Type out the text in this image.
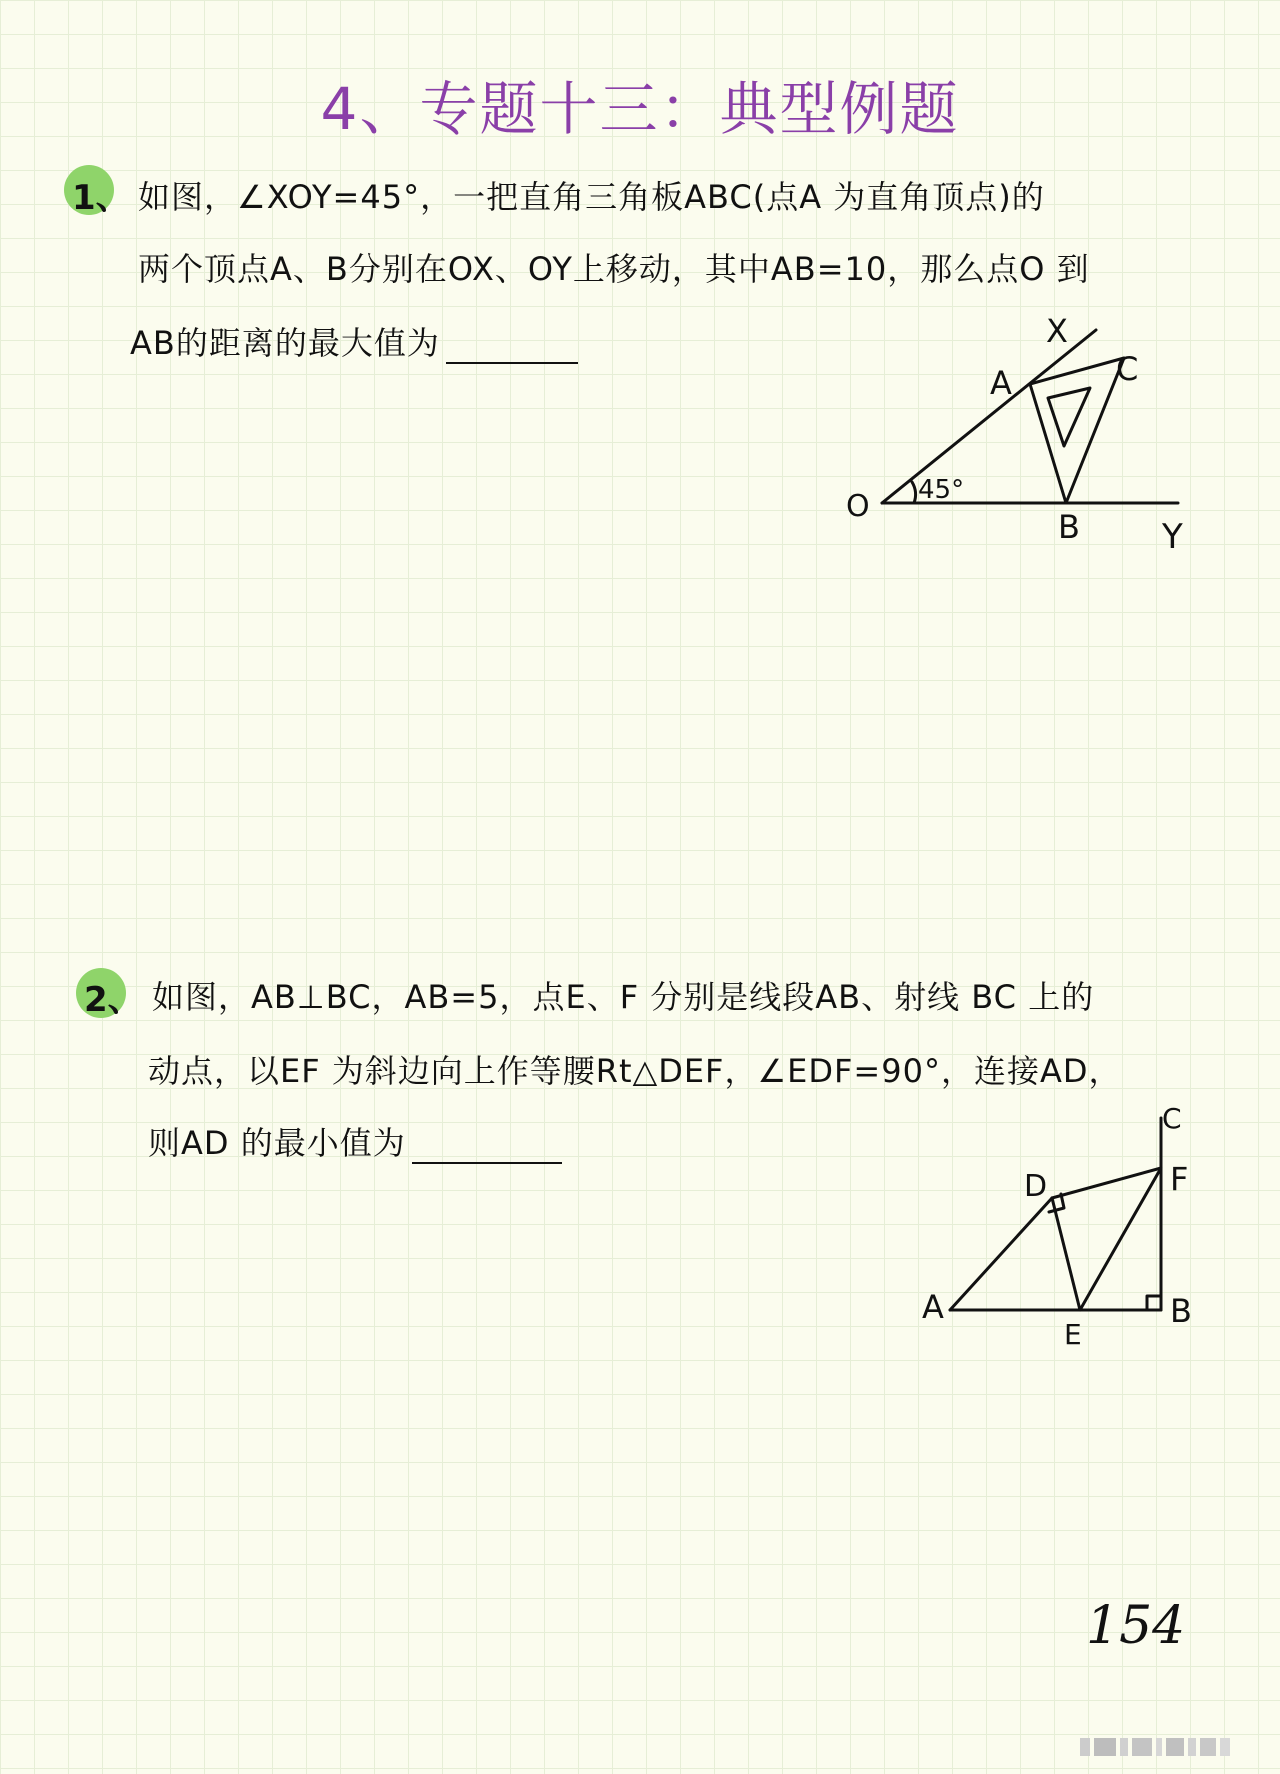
4、专题十三：典型例题
1、 如图，∠XOY=45°，一把直角三角板ABC(点A 为直角顶点)的
两个顶点A、B分别在OX、OY上移动，其中AB=10，那么点O 到
AB的距离的最大值为	X
C
A
O 45°
B Y
2、 如图，AB⊥BC，AB=5，点E、F 分别是线段AB、射线 BC 上的
动点，以EF 为斜边向上作等腰Rt△DEF，∠EDF=90°，连接AD，
则AD 的最小值为
C
D	F
A
E
B
154
